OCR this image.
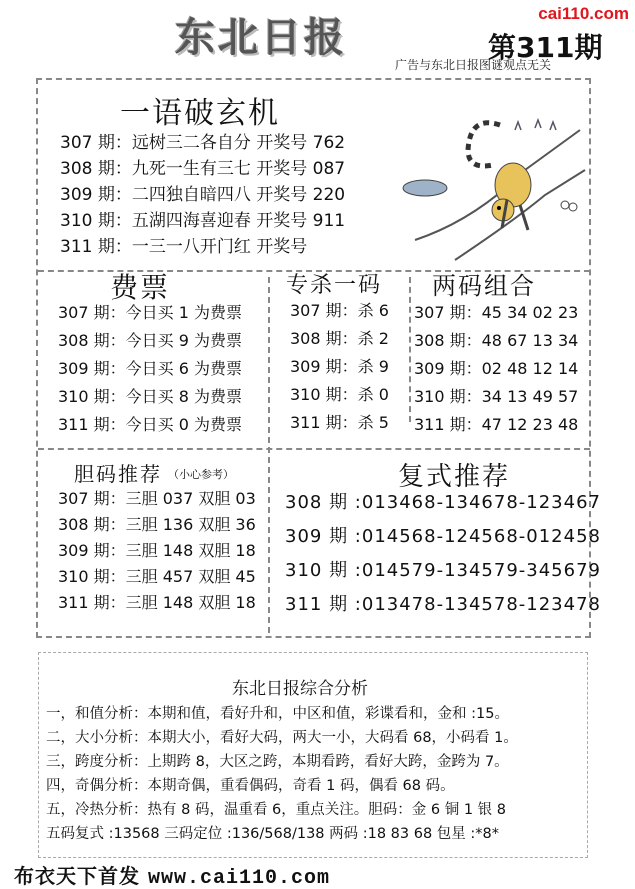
cai110.com
东北日报	第311期
广告与东北日报图谜观点无关
一语破玄机
307 期：远树三二各自分 开奖号 762
308 期：九死一生有三七 开奖号 087
309 期：二四独自暗四八 开奖号 220
310 期：五湖四海喜迎春 开奖号 911
311 期：一三一八开门红 开奖号
费票
307 期：今日买 1 为费票
308 期：今日买 9 为费票
309 期：今日买 6 为费票
310 期：今日买 8 为费票
311 期：今日买 0 为费票
专杀一码
307 期：杀 6
308 期：杀 2
309 期：杀 9
310 期：杀 0
311 期：杀 5
两码组合
307 期：45 34 02 23
308 期：48 67 13 34
309 期：02 48 12 14
310 期：34 13 49 57
311 期：47 12 23 48
胆码推荐 （小心参考）
307 期：三胆 037 双胆 03
308 期：三胆 136 双胆 36
309 期：三胆 148 双胆 18
310 期：三胆 457 双胆 45
311 期：三胆 148 双胆 18
复式推荐
308 期 :013468-134678-123467
309 期 :014568-124568-012458
310 期 :014579-134579-345679
311 期 :013478-134578-123478
东北日报综合分析
一，和值分析：本期和值，看好升和，中区和值，彩谍看和，金和 :15。
二，大小分析：本期大小，看好大码，两大一小，大码看 68，小码看 1。
三，跨度分析：上期跨 8，大区之跨，本期看跨，看好大跨，金跨为 7。
四，奇偶分析：本期奇偶，重看偶码，奇看 1 码，偶看 68 码。
五，冷热分析：热有 8 码，温重看 6，重点关注。胆码：金 6 铜 1 银 8
五码复式 :13568 三码定位 :136/568/138 两码 :18 83 68 包星 :*8*
布衣天下首发 www.cai110.com
